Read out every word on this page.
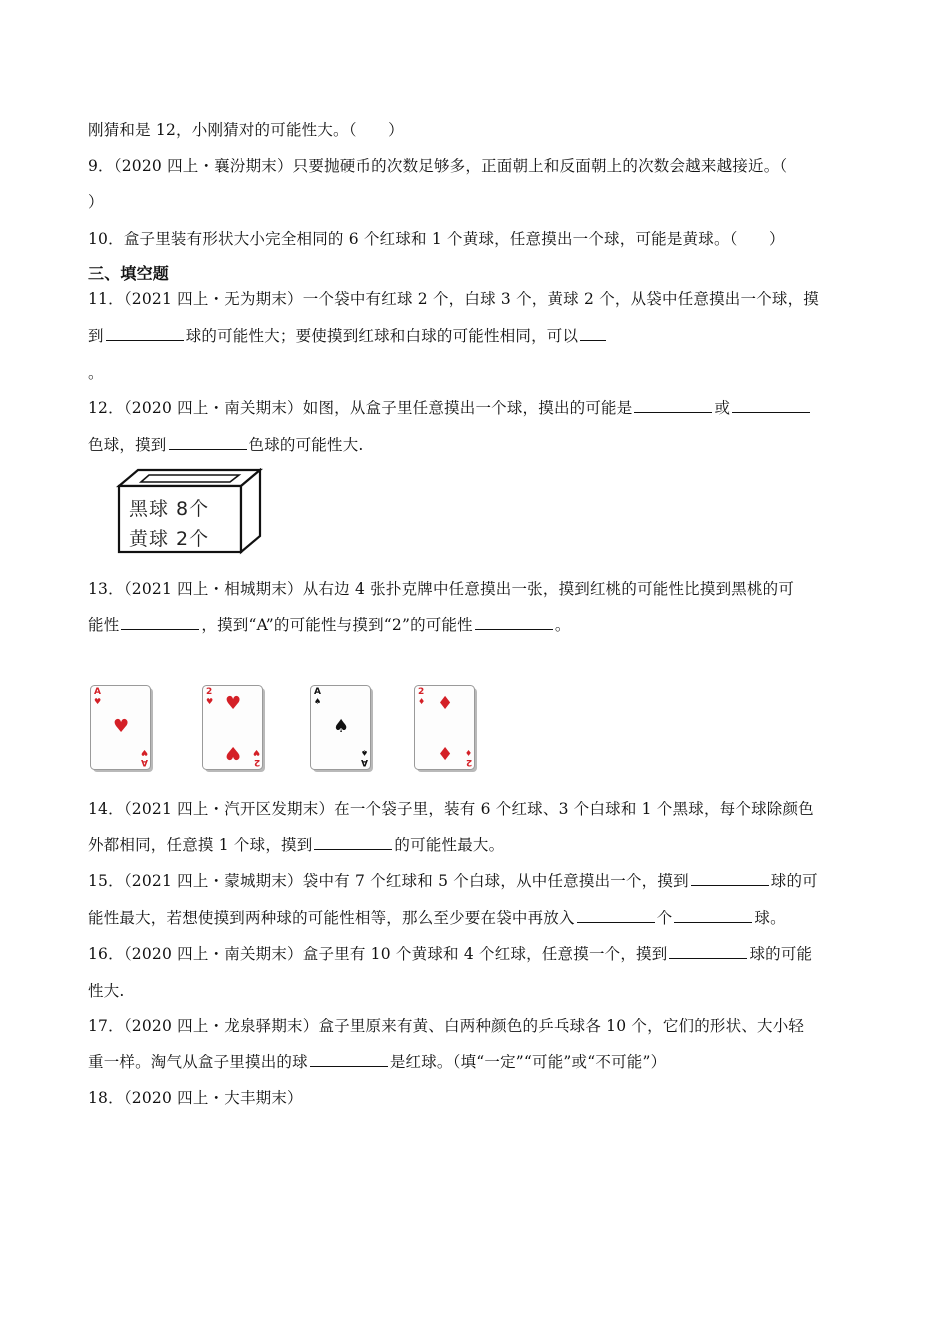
刚猜和是 12，小刚猜对的可能性大。（　　）
9．（2020 四上・襄汾期末）只要抛硬币的次数足够多，正面朝上和反面朝上的次数会越来越接近。（
）
10．盒子里装有形状大小完全相同的 6 个红球和 1 个黄球，任意摸出一个球，可能是黄球。（　　）
三、填空题
11．（2021 四上・无为期末）一个袋中有红球 2 个，白球 3 个，黄球 2 个，从袋中任意摸出一个球，摸
到	球的可能性大；要使摸到红球和白球的可能性相同，可以
。
12．（2020 四上・南关期末）如图，从盒子里任意摸出一个球，摸出的可能是	或
色球，摸到	色球的可能性大.
黑球 8个
黄球 2个
13．（2021 四上・相城期末）从右边 4 张扑克牌中任意摸出一张，摸到红桃的可能性比摸到黑桃的可
能性	，摸到“A”的可能性与摸到“2”的可能性	。
A
♥
A
♥
♥
2
♥
2
♥
♥
♥
A
♠
A
♠
♠
2
♦
2
♦
♦
♦
14．（2021 四上・汽开区发期末）在一个袋子里，装有 6 个红球、3 个白球和 1 个黑球，每个球除颜色
外都相同，任意摸 1 个球，摸到	的可能性最大。
15．（2021 四上・蒙城期末）袋中有 7 个红球和 5 个白球，从中任意摸出一个，摸到	球的可
能性最大，若想使摸到两种球的可能性相等，那么至少要在袋中再放入	个	球。
16．（2020 四上・南关期末）盒子里有 10 个黄球和 4 个红球，任意摸一个，摸到	球的可能
性大.
17．（2020 四上・龙泉驿期末）盒子里原来有黄、白两种颜色的乒乓球各 10 个，它们的形状、大小轻
重一样。淘气从盒子里摸出的球	是红球。（填“一定”“可能”或“不可能”）
18．（2020 四上・大丰期末）
